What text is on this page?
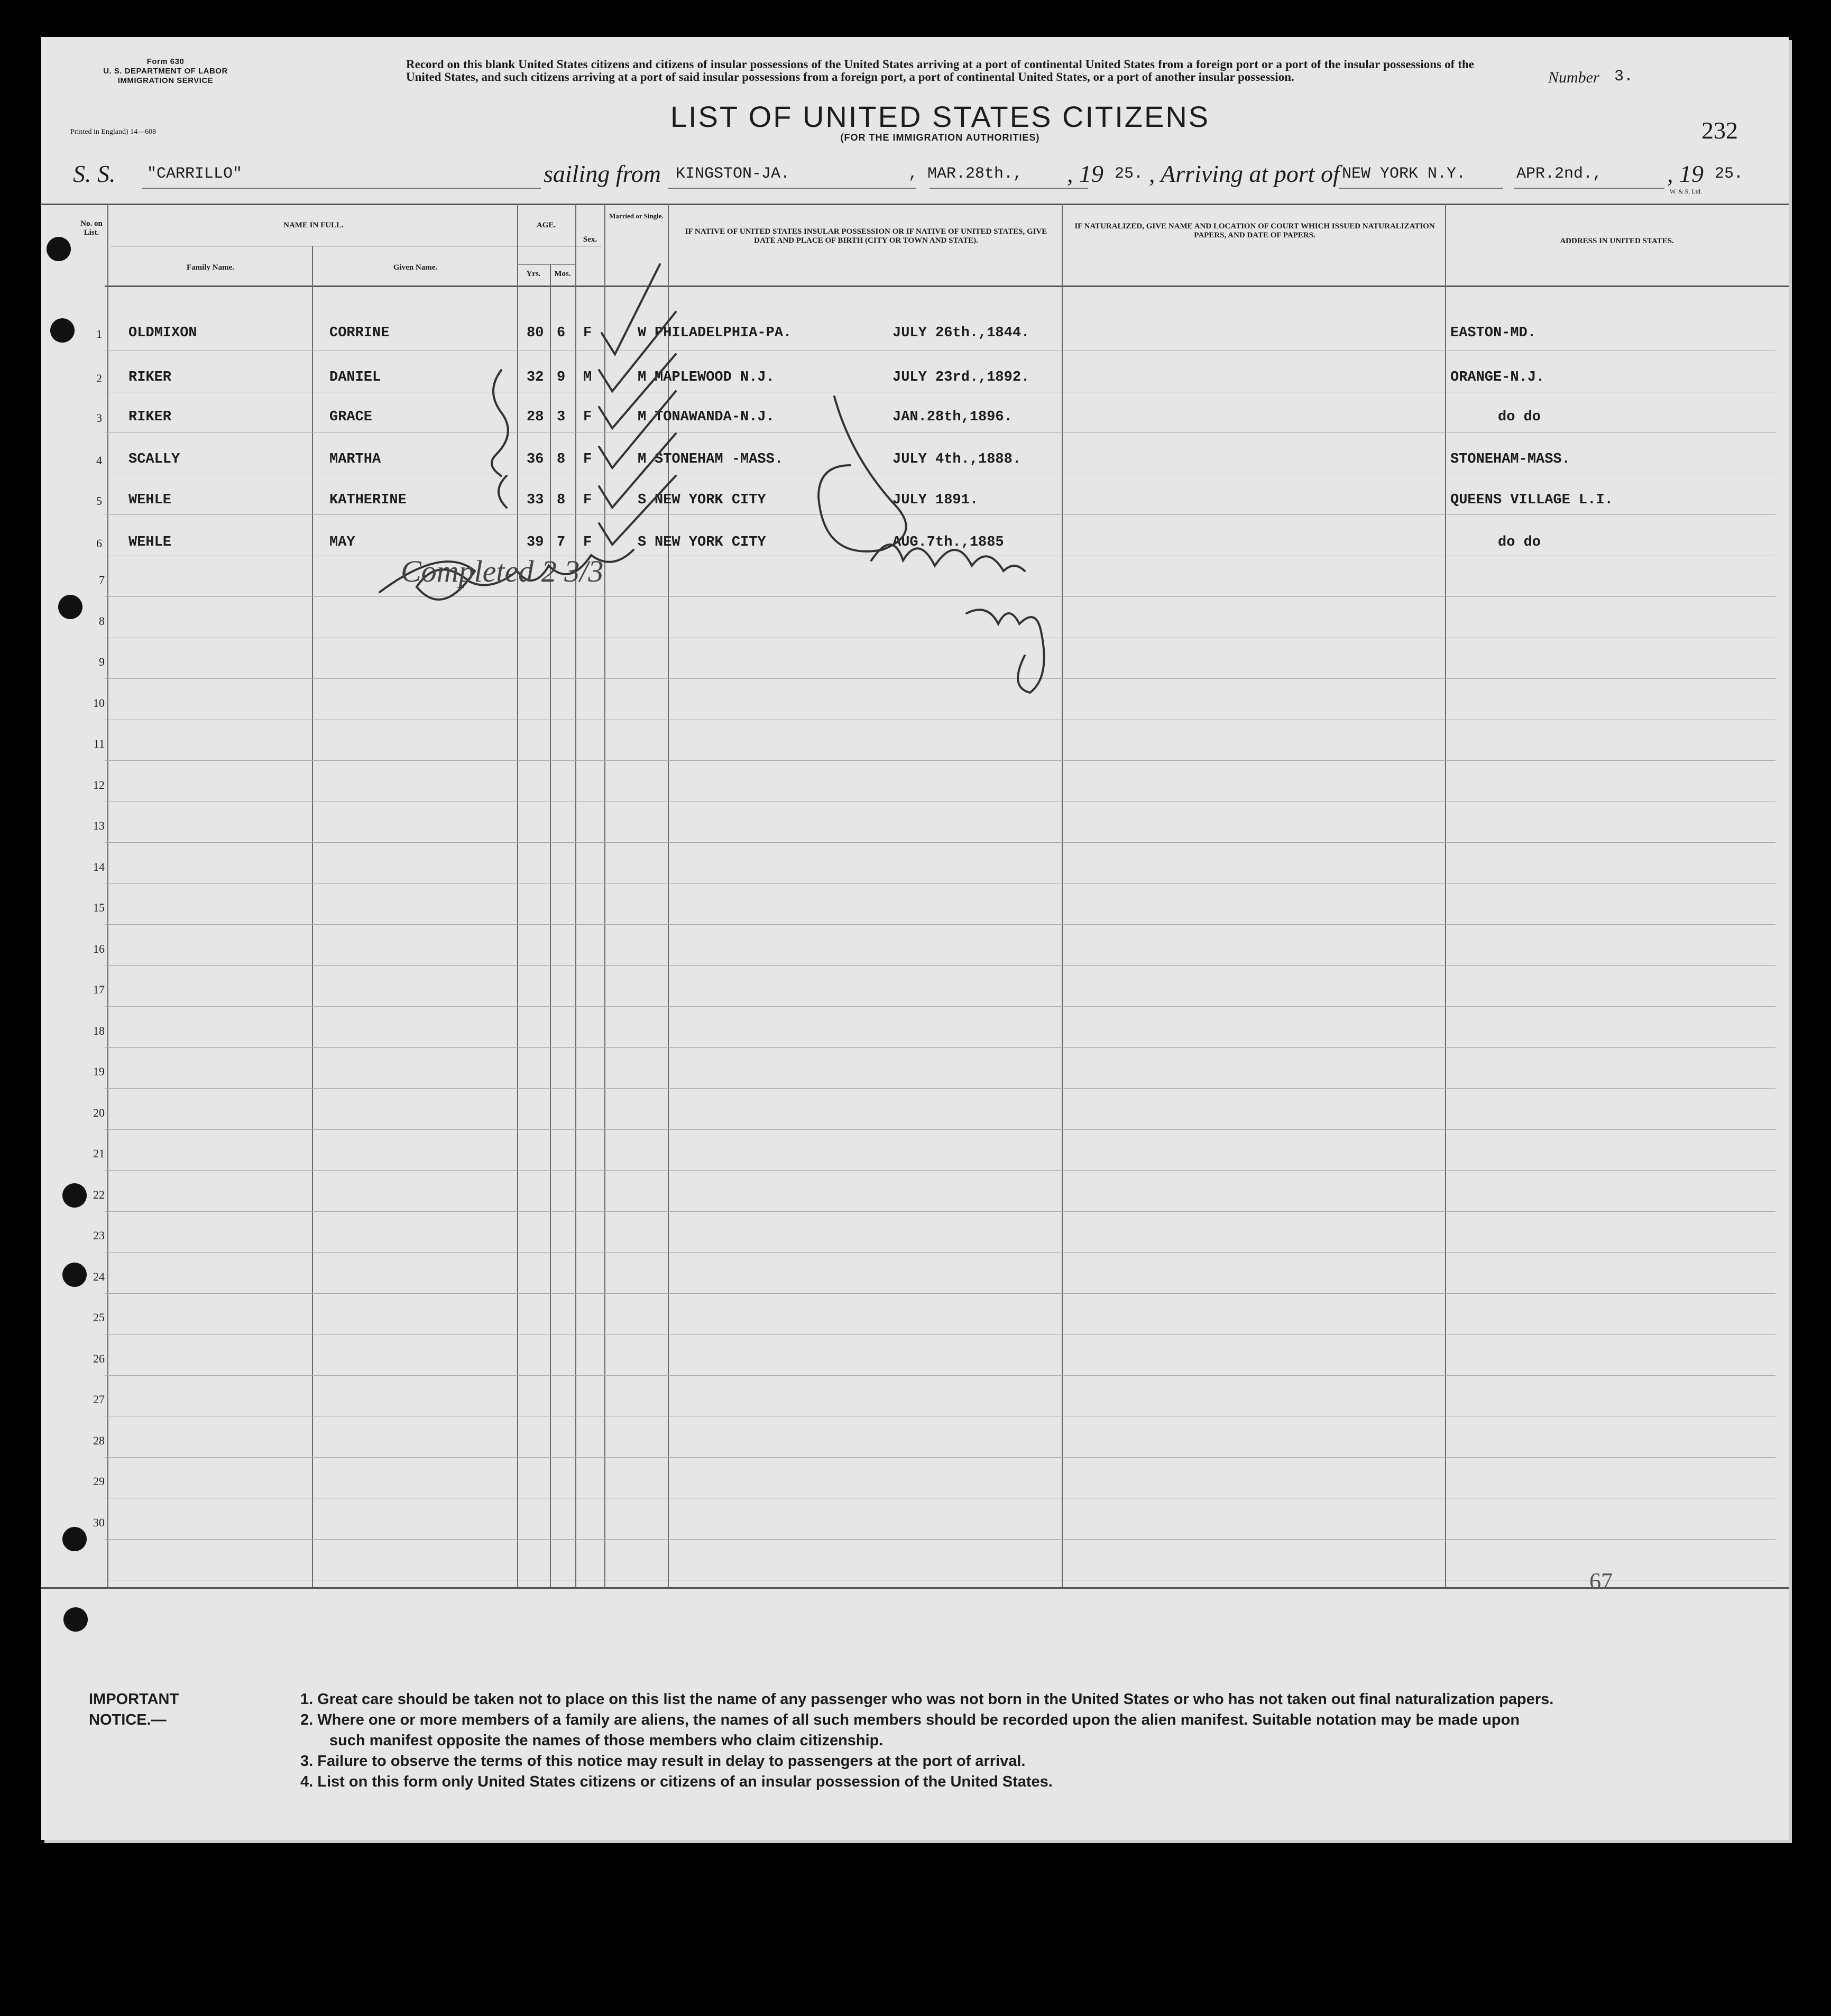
Form 630
U. S. DEPARTMENT OF LABOR
IMMIGRATION SERVICE
Printed in England) 14—608
Record on this blank United States citizens and citizens of insular possessions of the United States arriving at a port of continental United States from a foreign port or a port of the insular possessions of the United States, and such citizens arriving at a port of said insular possessions from a foreign port, a port of continental United States, or a port of another insular possession.	Number 3.
232
LIST OF UNITED STATES CITIZENS
(FOR THE IMMIGRATION AUTHORITIES)
S. S. "CARRILLO"	sailing from KINGSTON-JA.	, MAR.28th., , 19 25. , Arriving at port of NEW YORK N.Y.	APR.2nd.,	, 19 25.
W. & S. Ltd.
No. on List.
NAME IN FULL.
Family Name.	Given Name.
AGE.
Yrs.	Mos.
Sex.
Married or Single.
IF NATIVE OF UNITED STATES INSULAR POSSESSION OR IF NATIVE OF UNITED STATES, GIVE DATE AND PLACE OF BIRTH (CITY OR TOWN AND STATE).
IF NATURALIZED, GIVE NAME AND LOCATION OF COURT WHICH ISSUED NATURALIZATION PAPERS, AND DATE OF PAPERS.
ADDRESS IN UNITED STATES.
1 OLDMIXON	CORRINE	80 6 F	W PHILADELPHIA-PA.	JULY 26th.,1844.	EASTON-MD.
2 RIKER	DANIEL	32 9 M	M MAPLEWOOD N.J.	JULY 23rd.,1892.	ORANGE-N.J.
3 RIKER	GRACE	28 3 F	M TONAWANDA-N.J.	JAN.28th,1896.	do do
4 SCALLY	MARTHA	36 8 F	M STONEHAM -MASS.	JULY 4th.,1888.	STONEHAM-MASS.
5 WEHLE	KATHERINE	33 8 F	S NEW YORK CITY	JULY 1891.	QUEENS VILLAGE L.I.
6 WEHLE	MAY	39 7 F	S NEW YORK CITY	AUG.7th.,1885	do do
7
8
9
10
11
12
13
14
15
16
17
18
19
20
21
22
23
24
25
26
27
28
29
30
Completed 2 3/3
67
IMPORTANT NOTICE.—
1. Great care should be taken not to place on this list the name of any passenger who was not born in the United States or who has not taken out final naturalization papers.
2. Where one or more members of a family are aliens, the names of all such members should be recorded upon the alien manifest. Suitable notation may be made upon
such manifest opposite the names of those members who claim citizenship.
3. Failure to observe the terms of this notice may result in delay to passengers at the port of arrival.
4. List on this form only United States citizens or citizens of an insular possession of the United States.
